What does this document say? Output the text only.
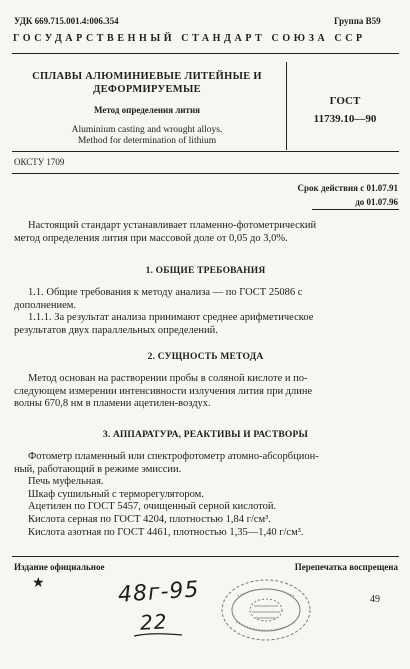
УДК 669.715.001.4:006.354	Группа В59
ГОСУДАРСТВЕННЫЙ СТАНДАРТ СОЮЗА ССР
СПЛАВЫ АЛЮМИНИЕВЫЕ ЛИТЕЙНЫЕ И
ДЕФОРМИРУЕМЫЕ
Метод определения лития
Aluminium casting and wrought alloys.
Method for determination of lithium
ГОСТ
11739.10—90
ОКСТУ 1709
Срок действия с 01.07.91
до 01.07.96
Настоящий стандарт устанавливает пламенно-фотометрический
метод определения лития при массовой доле от 0,05 до 3,0%.
1. ОБЩИЕ ТРЕБОВАНИЯ
1.1. Общие требования к методу анализа — по ГОСТ 25086 с
дополнением.
1.1.1. За результат анализа принимают среднее арифметическое
результатов двух параллельных определений.
2. СУЩНОСТЬ МЕТОДА
Метод основан на растворении пробы в соляной кислоте и по-
следующем измерении интенсивности излучения лития при длине
волны 670,8 нм в пламени ацетилен-воздух.
3. АППАРАТУРА, РЕАКТИВЫ И РАСТВОРЫ
Фотометр пламенный или спектрофотометр атомно-абсорбцион-
ный, работающий в режиме эмиссии.
Печь муфельная.
Шкаф сушильный с терморегулятором.
Ацетилен по ГОСТ 5457, очищенный серной кислотой.
Кислота серная по ГОСТ 4204, плотностью 1,84 г/см³.
Кислота азотная по ГОСТ 4461, плотностью 1,35—1,40 г/см³.
Издание официальное	Перепечатка воспрещена
★
49
48г-95
22
